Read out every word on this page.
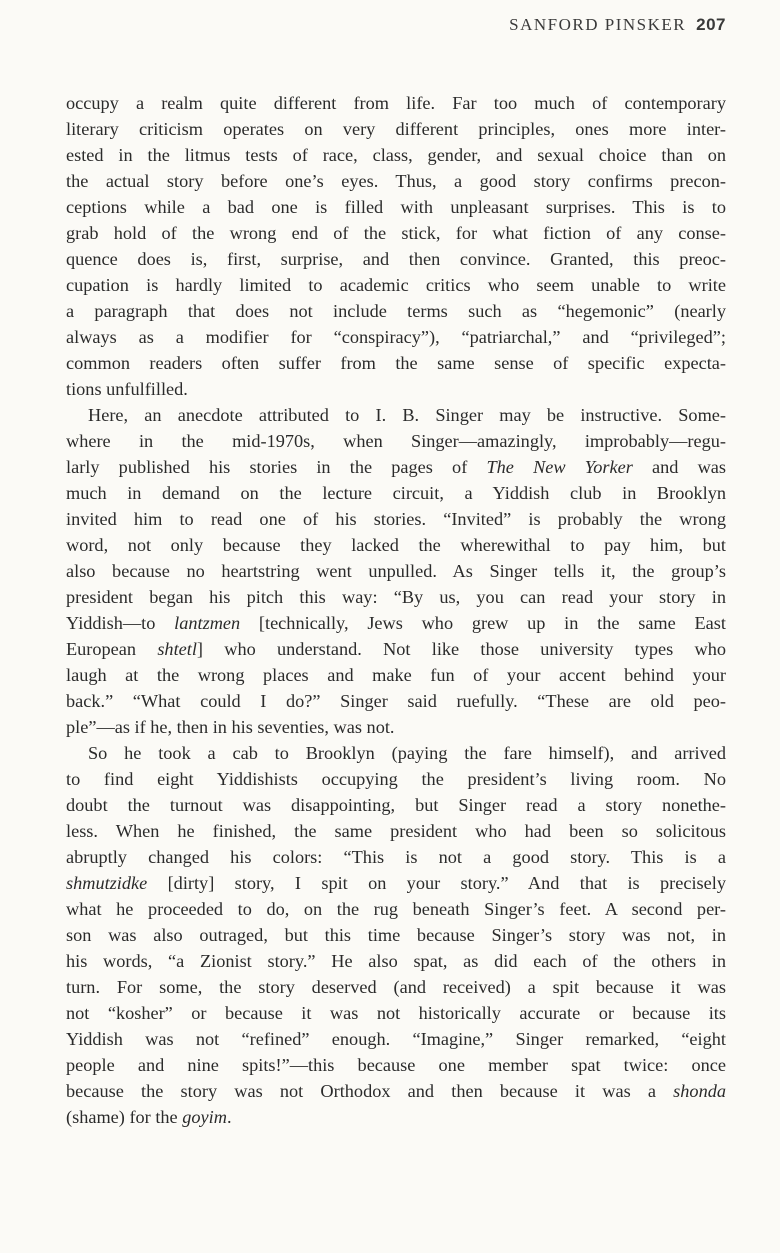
SANFORD PINSKER 207
occupy a realm quite different from life. Far too much of contemporary
literary criticism operates on very different principles, ones more inter-
ested in the litmus tests of race, class, gender, and sexual choice than on
the actual story before one’s eyes. Thus, a good story confirms precon-
ceptions while a bad one is filled with unpleasant surprises. This is to
grab hold of the wrong end of the stick, for what fiction of any conse-
quence does is, first, surprise, and then convince. Granted, this preoc-
cupation is hardly limited to academic critics who seem unable to write
a paragraph that does not include terms such as “hegemonic” (nearly
always as a modifier for “conspiracy”), “patriarchal,” and “privileged”;
common readers often suffer from the same sense of specific expecta-
tions unfulfilled.
Here, an anecdote attributed to I. B. Singer may be instructive. Some-
where in the mid-1970s, when Singer—amazingly, improbably—regu-
larly published his stories in the pages of The New Yorker and was
much in demand on the lecture circuit, a Yiddish club in Brooklyn
invited him to read one of his stories. “Invited” is probably the wrong
word, not only because they lacked the wherewithal to pay him, but
also because no heartstring went unpulled. As Singer tells it, the group’s
president began his pitch this way: “By us, you can read your story in
Yiddish—to lantzmen [technically, Jews who grew up in the same East
European shtetl] who understand. Not like those university types who
laugh at the wrong places and make fun of your accent behind your
back.” “What could I do?” Singer said ruefully. “These are old peo-
ple”—as if he, then in his seventies, was not.
So he took a cab to Brooklyn (paying the fare himself), and arrived
to find eight Yiddishists occupying the president’s living room. No
doubt the turnout was disappointing, but Singer read a story nonethe-
less. When he finished, the same president who had been so solicitous
abruptly changed his colors: “This is not a good story. This is a
shmutzidke [dirty] story, I spit on your story.” And that is precisely
what he proceeded to do, on the rug beneath Singer’s feet. A second per-
son was also outraged, but this time because Singer’s story was not, in
his words, “a Zionist story.” He also spat, as did each of the others in
turn. For some, the story deserved (and received) a spit because it was
not “kosher” or because it was not historically accurate or because its
Yiddish was not “refined” enough. “Imagine,” Singer remarked, “eight
people and nine spits!”—this because one member spat twice: once
because the story was not Orthodox and then because it was a shonda
(shame) for the goyim.
